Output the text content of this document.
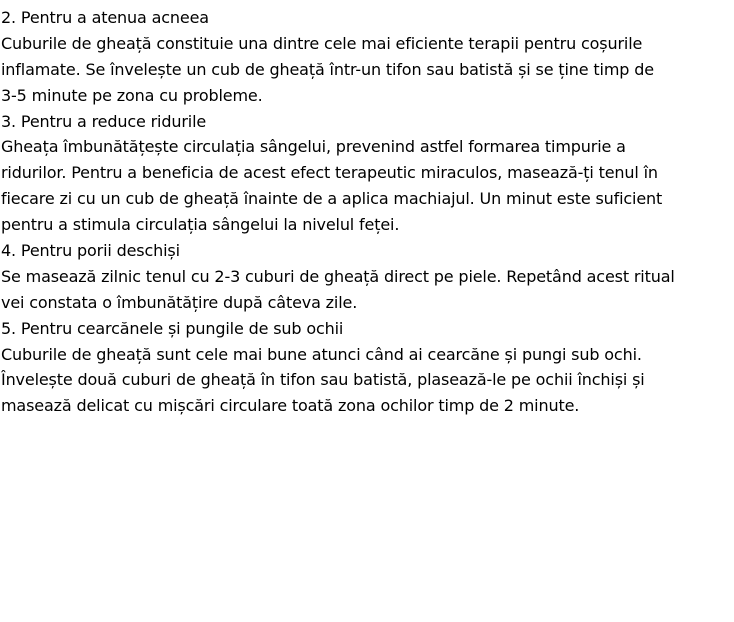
2. Pentru a atenua acneea
Cuburile de gheață constituie una dintre cele mai eficiente terapii pentru coșurile
inflamate. Se învelește un cub de gheață într-un tifon sau batistă și se ține timp de
3-5 minute pe zona cu probleme.
3. Pentru a reduce ridurile
Gheața îmbunătățește circulația sângelui, prevenind astfel formarea timpurie a
ridurilor. Pentru a beneficia de acest efect terapeutic miraculos, masează-ți tenul în
fiecare zi cu un cub de gheață înainte de a aplica machiajul. Un minut este suficient
pentru a stimula circulația sângelui la nivelul feței.
4. Pentru porii deschiși
Se masează zilnic tenul cu 2-3 cuburi de gheață direct pe piele. Repetând acest ritual
vei constata o îmbunătățire după câteva zile.
5. Pentru cearcănele și pungile de sub ochii
Cuburile de gheață sunt cele mai bune atunci când ai cearcăne și pungi sub ochi.
Învelește două cuburi de gheață în tifon sau batistă, plasează-le pe ochii închiși și
masează delicat cu mișcări circulare toată zona ochilor timp de 2 minute.
